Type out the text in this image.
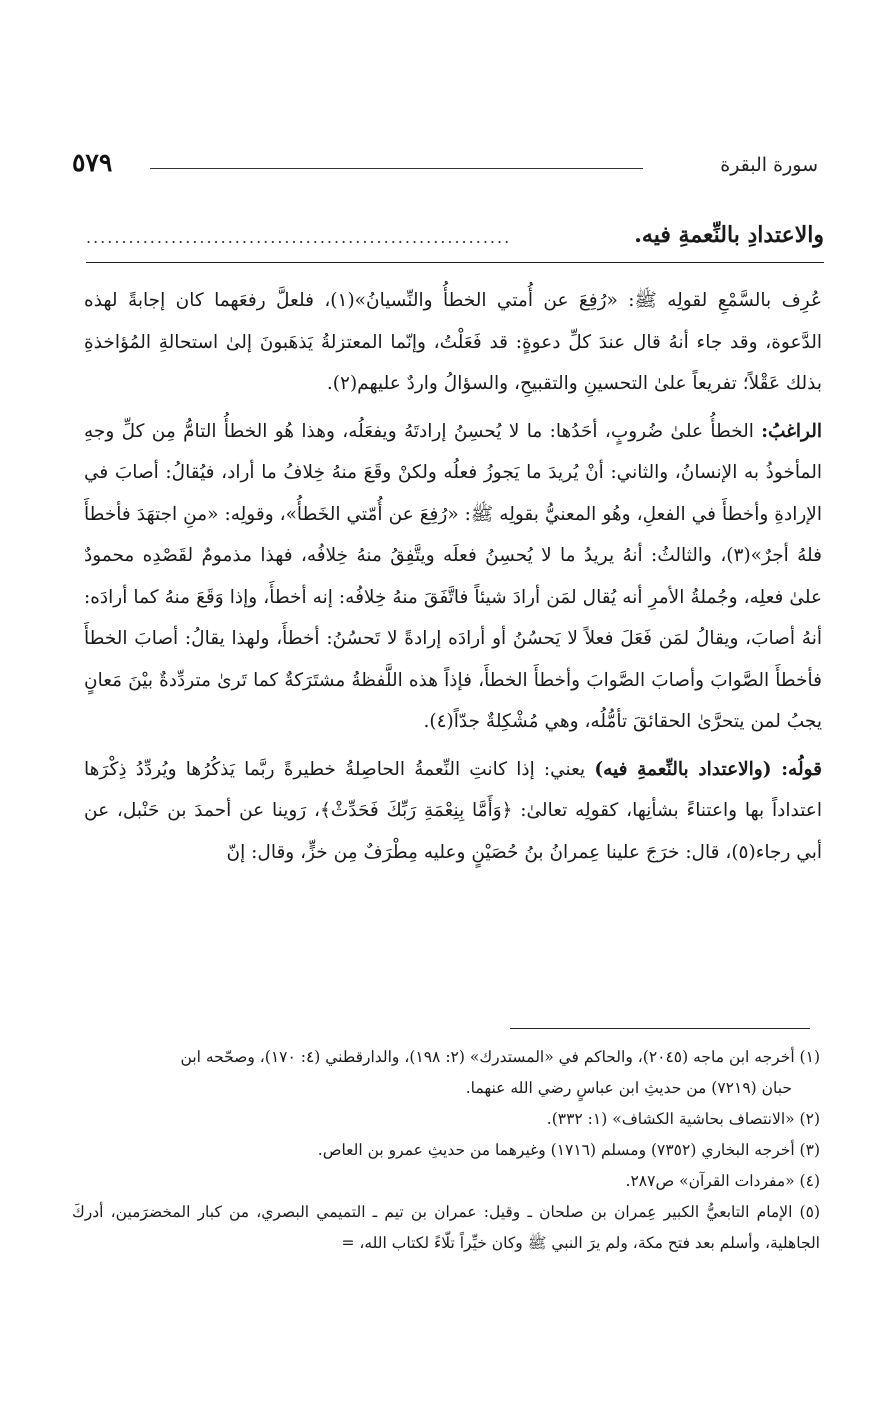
سورة البقرة
٥٧٩
والاعتدادِ بالنِّعمةِ فيه.
............................................................

عُرِف بالسَّمْعِ لقولِه ﷺ: «رُفِعَ عن أُمتي الخطأُ والنِّسيانُ»(١)، فلعلَّ رفعَهما كان إجابةً لهذه الدَّعوة، وقد جاء أنهُ قال عندَ كلِّ دعوةٍ: قد فَعَلْتُ، وإنّما المعتزلةُ يَذهَبونَ إلىٰ استحالةِ المُؤاخذةِ بذلك عَقْلاً؛ تفريعاً علىٰ التحسينِ والتقبيحِ، والسؤالُ واردٌ عليهم(٢).

الراغبُ: الخطأُ علىٰ ضُروبٍ، أحَدُها: ما لا يُحسِنُ إرادتَهُ ويفعَلُه، وهذا هُو الخطأُ التامُّ مِن كلِّ وجهِ المأخوذُ به الإنسانُ، والثاني: أنْ يُريدَ ما يَجوزُ فعلُه ولكنْ وقَعَ منهُ خِلافُ ما أراد، فيُقالُ: أصابَ في الإرادةِ وأخطأَ في الفعلِ، وهُو المعنيُّ بقولِه ﷺ: «رُفِعَ عن أُمّتي الخَطأُ»، وقولِه: «منِ اجتهَدَ فأخطأَ فلهُ أجرٌ»(٣)، والثالثُ: أنهُ يريدُ ما لا يُحسِنُ فعلَه ويتَّفِقُ منهُ خِلافُه، فهذا مذمومٌ لقَصْدِه محمودٌ علىٰ فعلِه، وجُملةُ الأمرِ أنه يُقال لمَن أرادَ شيئاً فاتَّفَقَ منهُ خِلافُه: إنه أخطأَ، وإذا وَقَعَ منهُ كما أرادَه: أنهُ أصابَ، ويقالُ لمَن فَعَلَ فعلاً لا يَحسُنُ أو أرادَه إرادةً لا تَحسُنُ: أخطأَ، ولهذا يقالُ: أصابَ الخطأَ فأخطأَ الصَّوابَ وأصابَ الصَّوابَ وأخطأَ الخطأَ، فإذاً هذه اللَّفظةُ مشتَرَكةٌ كما تَرىٰ متردِّدةٌ بيْنَ مَعانٍ يجبُ لمن يتحرَّىٰ الحقائقَ تأمُّلُه، وهي مُشْكِلةٌ جدّاً(٤).

قولُه: (والاعتداد بالنِّعمةِ فيه) يعني: إذا كانتِ النِّعمةُ الحاصِلةُ خطيرةً ربَّما يَذكُرُها ويُردِّدُ ذِكْرَها اعتداداً بها واعتناءً بشأنِها، كقولِه تعالىٰ: ﴿وَأَمَّا بِنِعْمَةِ رَبِّكَ فَحَدِّثْ﴾، رَوينا عن أحمدَ بن حَنْبل، عن أبي رجاء(٥)، قال: خرَجَ علينا عِمرانُ بنُ حُصَيْنٍ وعليه مِطْرَفٌ مِن خزٍّ، وقال: إنّ

(١) أخرجه ابن ماجه (٢٠٤٥)، والحاكم في «المستدرك» (٢: ١٩٨)، والدارقطني (٤: ١٧٠)، وصحّحه ابن

حبان (٧٢١٩) من حديثِ ابن عباسٍ رضي الله عنهما.

(٢) «الانتصاف بحاشية الكشاف» (١: ٣٣٢).

(٣) أخرجه البخاري (٧٣٥٢) ومسلم (١٧١٦) وغيرهما من حديثِ عمرو بن العاص.

(٤) «مفردات القرآن» ص٢٨٧.

(٥) الإمام التابعيُّ الكبير عِمران بن صلحان ـ وقيل: عمران بن تيم ـ التميمي البصري، من كبار المخضرَمين، أدركَ الجاهلية، وأسلم بعد فتح مكة، ولم يرَ النبي ﷺ وكان خيِّراً تلّاءً لكتاب الله، =
